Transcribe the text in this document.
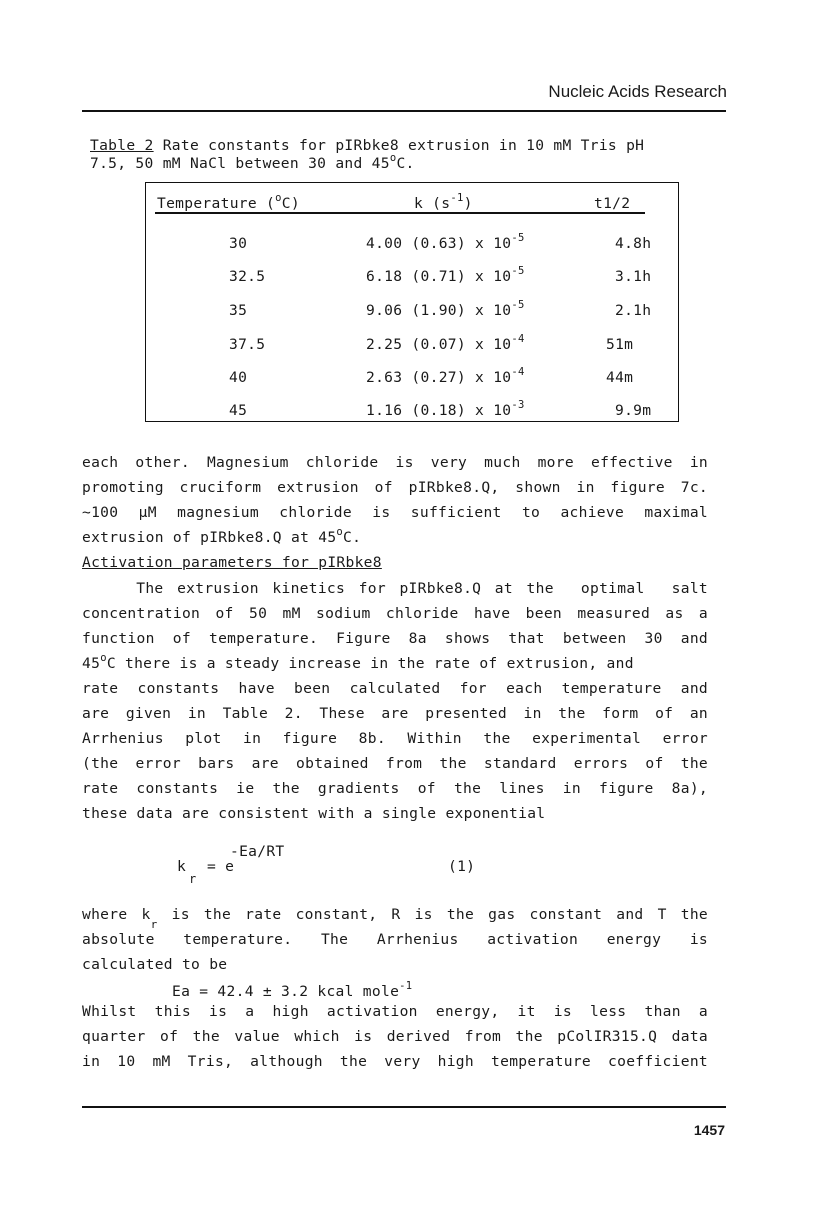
Nucleic Acids Research
Table 2 Rate constants for pIRbke8 extrusion in 10 mM Tris pH
7.5, 50 mM NaCl between 30 and 45$^o$C.
Temperature ($^o$C)	k $(s^{-1})$	t1/2
30	4.00 (0.63) x $10^{-5}$	4.8h
32.5	6.18 (0.71) x $10^{-5}$	3.1h
35	9.06 (1.90) x $10^{-5}$	2.1h
37.5	2.25 (0.07) x $10^{-4}$	51m
40	2.63 (0.27) x $10^{-4}$	44m
45	1.16 (0.18) x $10^{-3}$	9.9m
each other. Magnesium chloride is very much more effective in
promoting cruciform extrusion of pIRbke8.Q, shown in figure 7c.
~100 µM magnesium chloride is sufficient to achieve maximal
extrusion of pIRbke8.Q at 45$^o$C.
Activation parameters for pIRbke8
The extrusion kinetics for pIRbke8.Q at the  optimal  salt
concentration of 50 mM sodium chloride have been measured as a
function of temperature. Figure 8a shows that between 30 and
45$^o$C there is a steady increase in the rate of extrusion, and
rate constants have been calculated for each temperature and
are given in Table 2. These are presented in the form of an
Arrhenius plot in figure 8b. Within the experimental error
(the error bars are obtained from the standard errors of the
rate constants ie the gradients of the lines in figure 8a),
these data are consistent with a single exponential
-Ea/RT
k
r
= e	(1)
where $k_r$ is the rate constant, R is the gas constant and T the
absolute temperature. The Arrhenius activation energy is
calculated to be
Ea = 42.4 ± 3.2 kcal mole$^{-1}$
Whilst this is a high activation energy, it is less than a
quarter of the value which is derived from the pColIR315.Q data
in 10 mM Tris, although the very high temperature coefficient
1457
